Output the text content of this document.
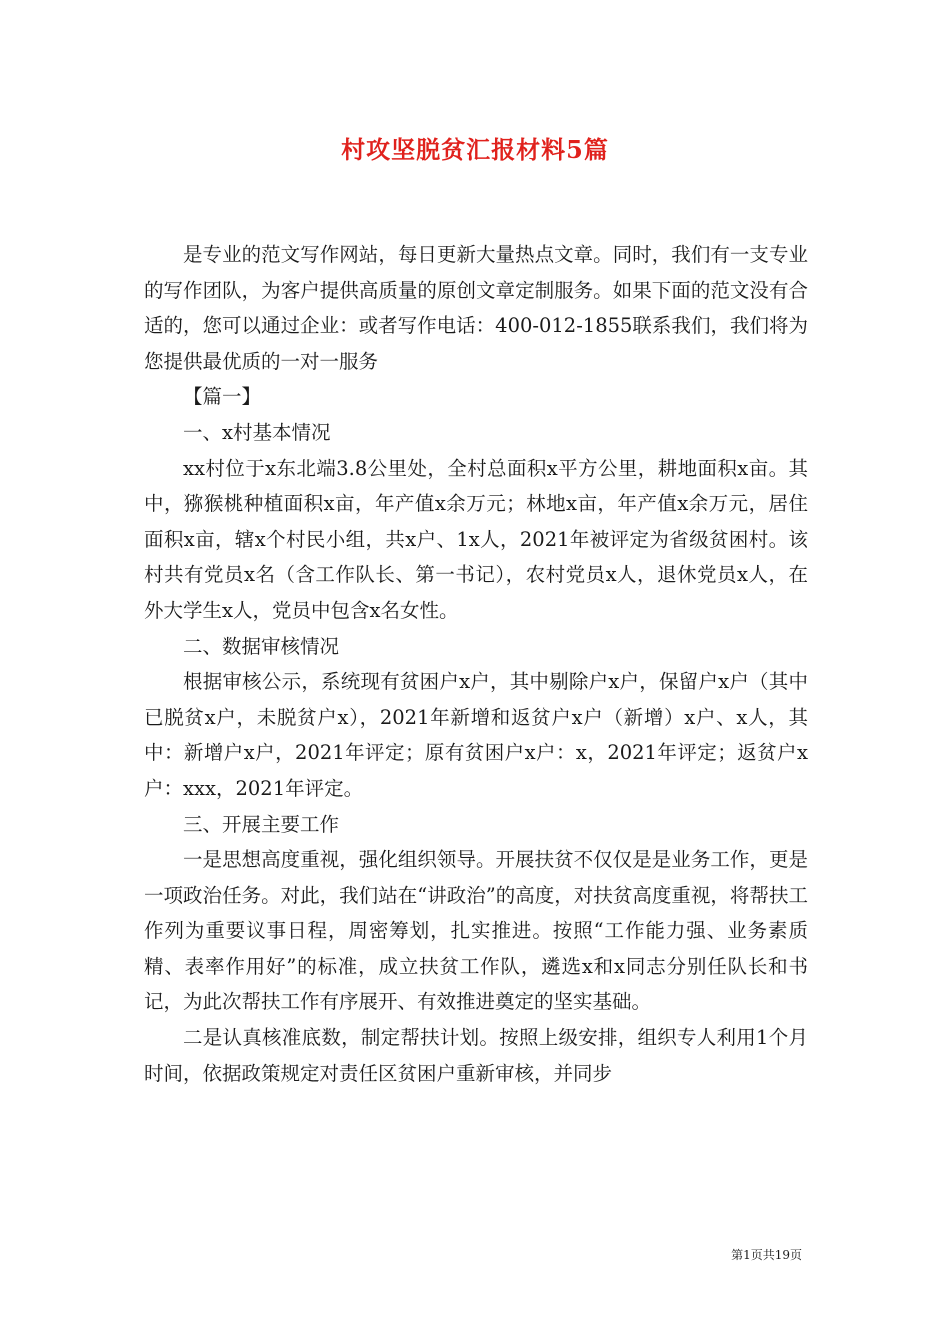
村攻坚脱贫汇报材料5篇

是专业的范文写作网站，每日更新大量热点文章。同时，我们有一支专业的写作团队，为客户提供高质量的原创文章定制服务。如果下面的范文没有合适的，您可以通过企业：或者写作电话：400-012-1855联系我们，我们将为您提供最优质的一对一服务

【篇一】

一、x村基本情况

xx村位于x东北端3.8公里处，全村总面积x平方公里，耕地面积x亩。其中，猕猴桃种植面积x亩，年产值x余万元；林地x亩，年产值x余万元，居住面积x亩，辖x个村民小组，共x户、1x人，2021年被评定为省级贫困村。该村共有党员x名（含工作队长、第一书记），农村党员x人，退休党员x人，在外大学生x人，党员中包含x名女性。

二、数据审核情况

根据审核公示，系统现有贫困户x户，其中剔除户x户，保留户x户（其中已脱贫x户，未脱贫户x），2021年新增和返贫户x户（新增）x户、x人，其中：新增户x户，2021年评定；原有贫困户x户：x，2021年评定；返贫户x户：xxx，2021年评定。

三、开展主要工作

一是思想高度重视，强化组织领导。开展扶贫不仅仅是是业务工作，更是一项政治任务。对此，我们站在“讲政治”的高度，对扶贫高度重视，将帮扶工作列为重要议事日程，周密筹划，扎实推进。按照“工作能力强、业务素质精、表率作用好”的标准，成立扶贫工作队，遴选x和x同志分别任队长和书记，为此次帮扶工作有序展开、有效推进奠定的坚实基础。

二是认真核准底数，制定帮扶计划。按照上级安排，组织专人利用1个月时间，依据政策规定对责任区贫困户重新审核，并同步

第1页共19页
